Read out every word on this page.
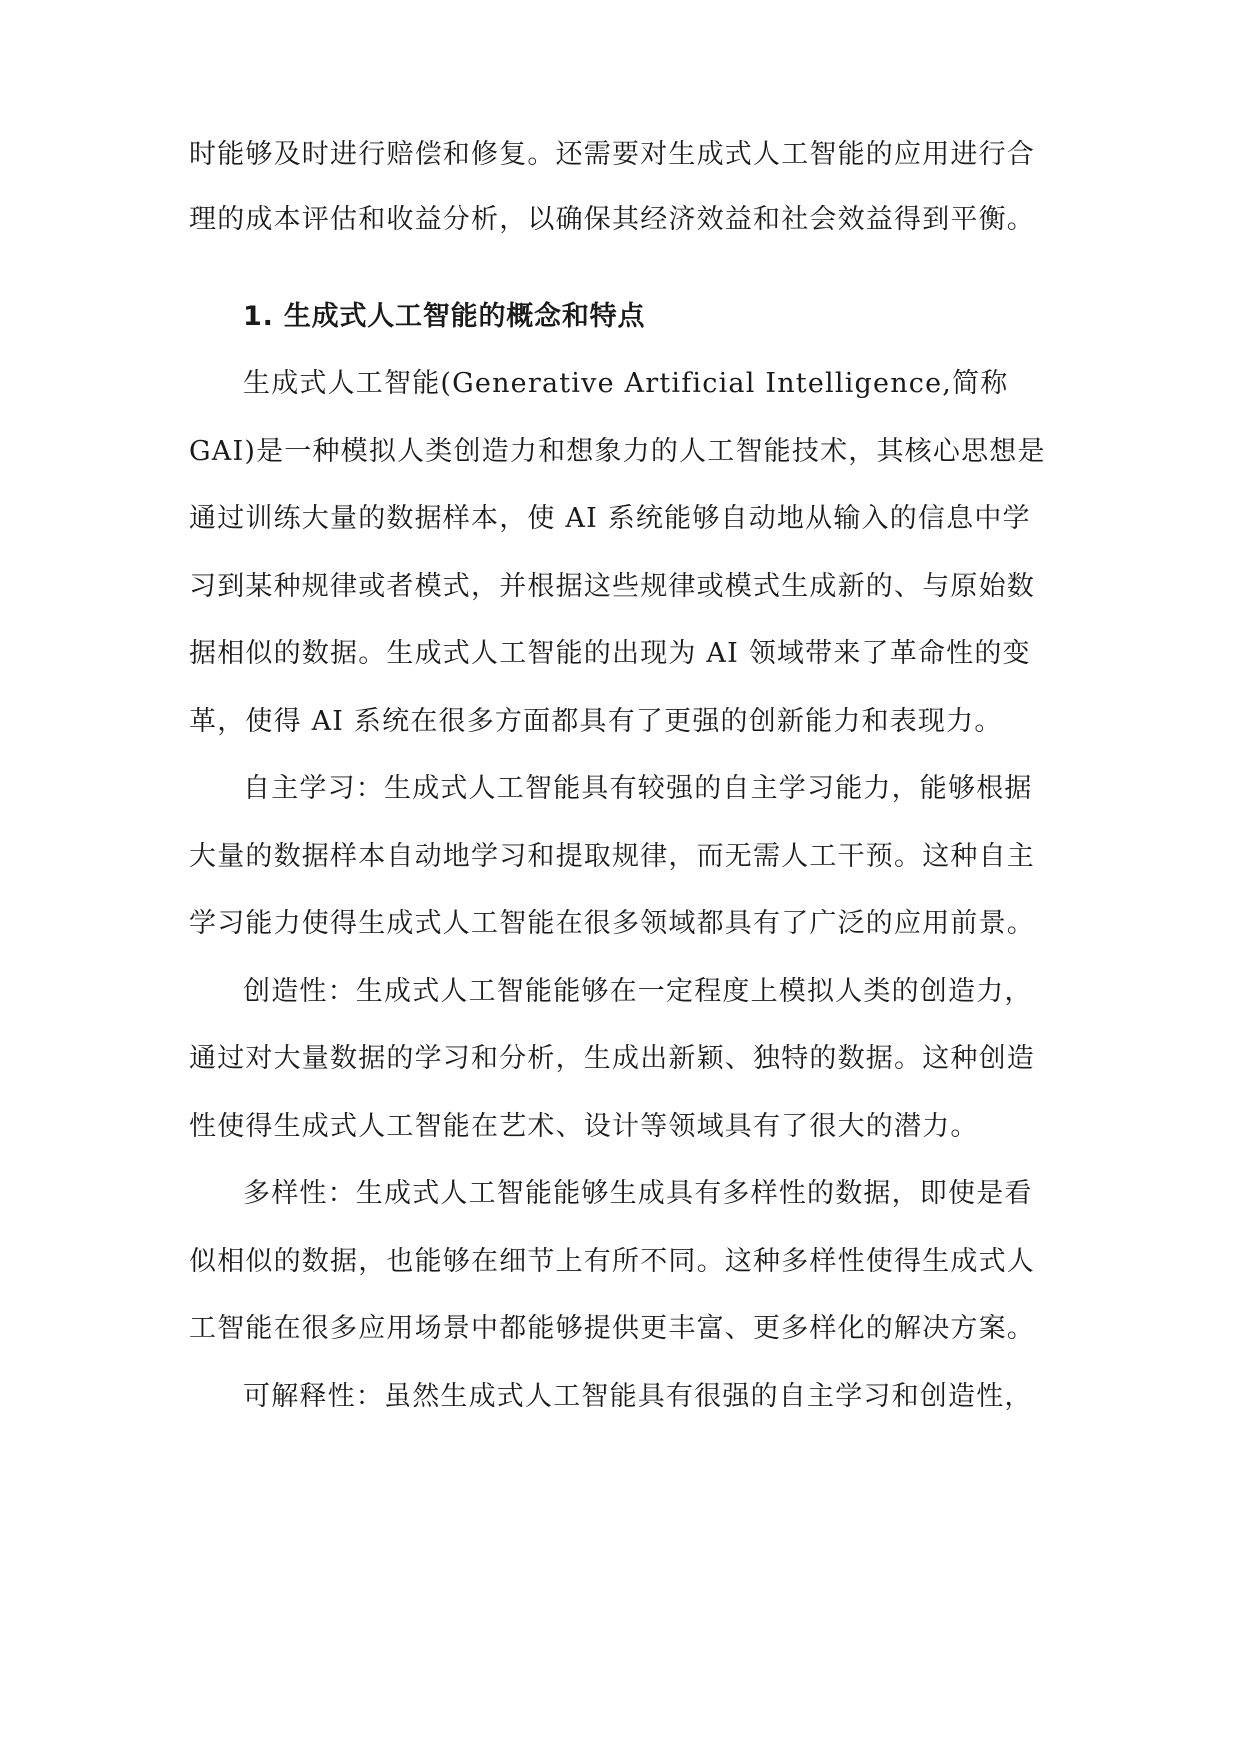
时能够及时进行赔偿和修复。还需要对生成式人工智能的应用进行合
理的成本评估和收益分析，以确保其经济效益和社会效益得到平衡。
1. 生成式人工智能的概念和特点
生成式人工智能(Generative Artificial Intelligence,简称
GAI)是一种模拟人类创造力和想象力的人工智能技术，其核心思想是
通过训练大量的数据样本，使 AI 系统能够自动地从输入的信息中学
习到某种规律或者模式，并根据这些规律或模式生成新的、与原始数
据相似的数据。生成式人工智能的出现为 AI 领域带来了革命性的变
革，使得 AI 系统在很多方面都具有了更强的创新能力和表现力。
自主学习：生成式人工智能具有较强的自主学习能力，能够根据
大量的数据样本自动地学习和提取规律，而无需人工干预。这种自主
学习能力使得生成式人工智能在很多领域都具有了广泛的应用前景。
创造性：生成式人工智能能够在一定程度上模拟人类的创造力，
通过对大量数据的学习和分析，生成出新颖、独特的数据。这种创造
性使得生成式人工智能在艺术、设计等领域具有了很大的潜力。
多样性：生成式人工智能能够生成具有多样性的数据，即使是看
似相似的数据，也能够在细节上有所不同。这种多样性使得生成式人
工智能在很多应用场景中都能够提供更丰富、更多样化的解决方案。
可解释性：虽然生成式人工智能具有很强的自主学习和创造性，
